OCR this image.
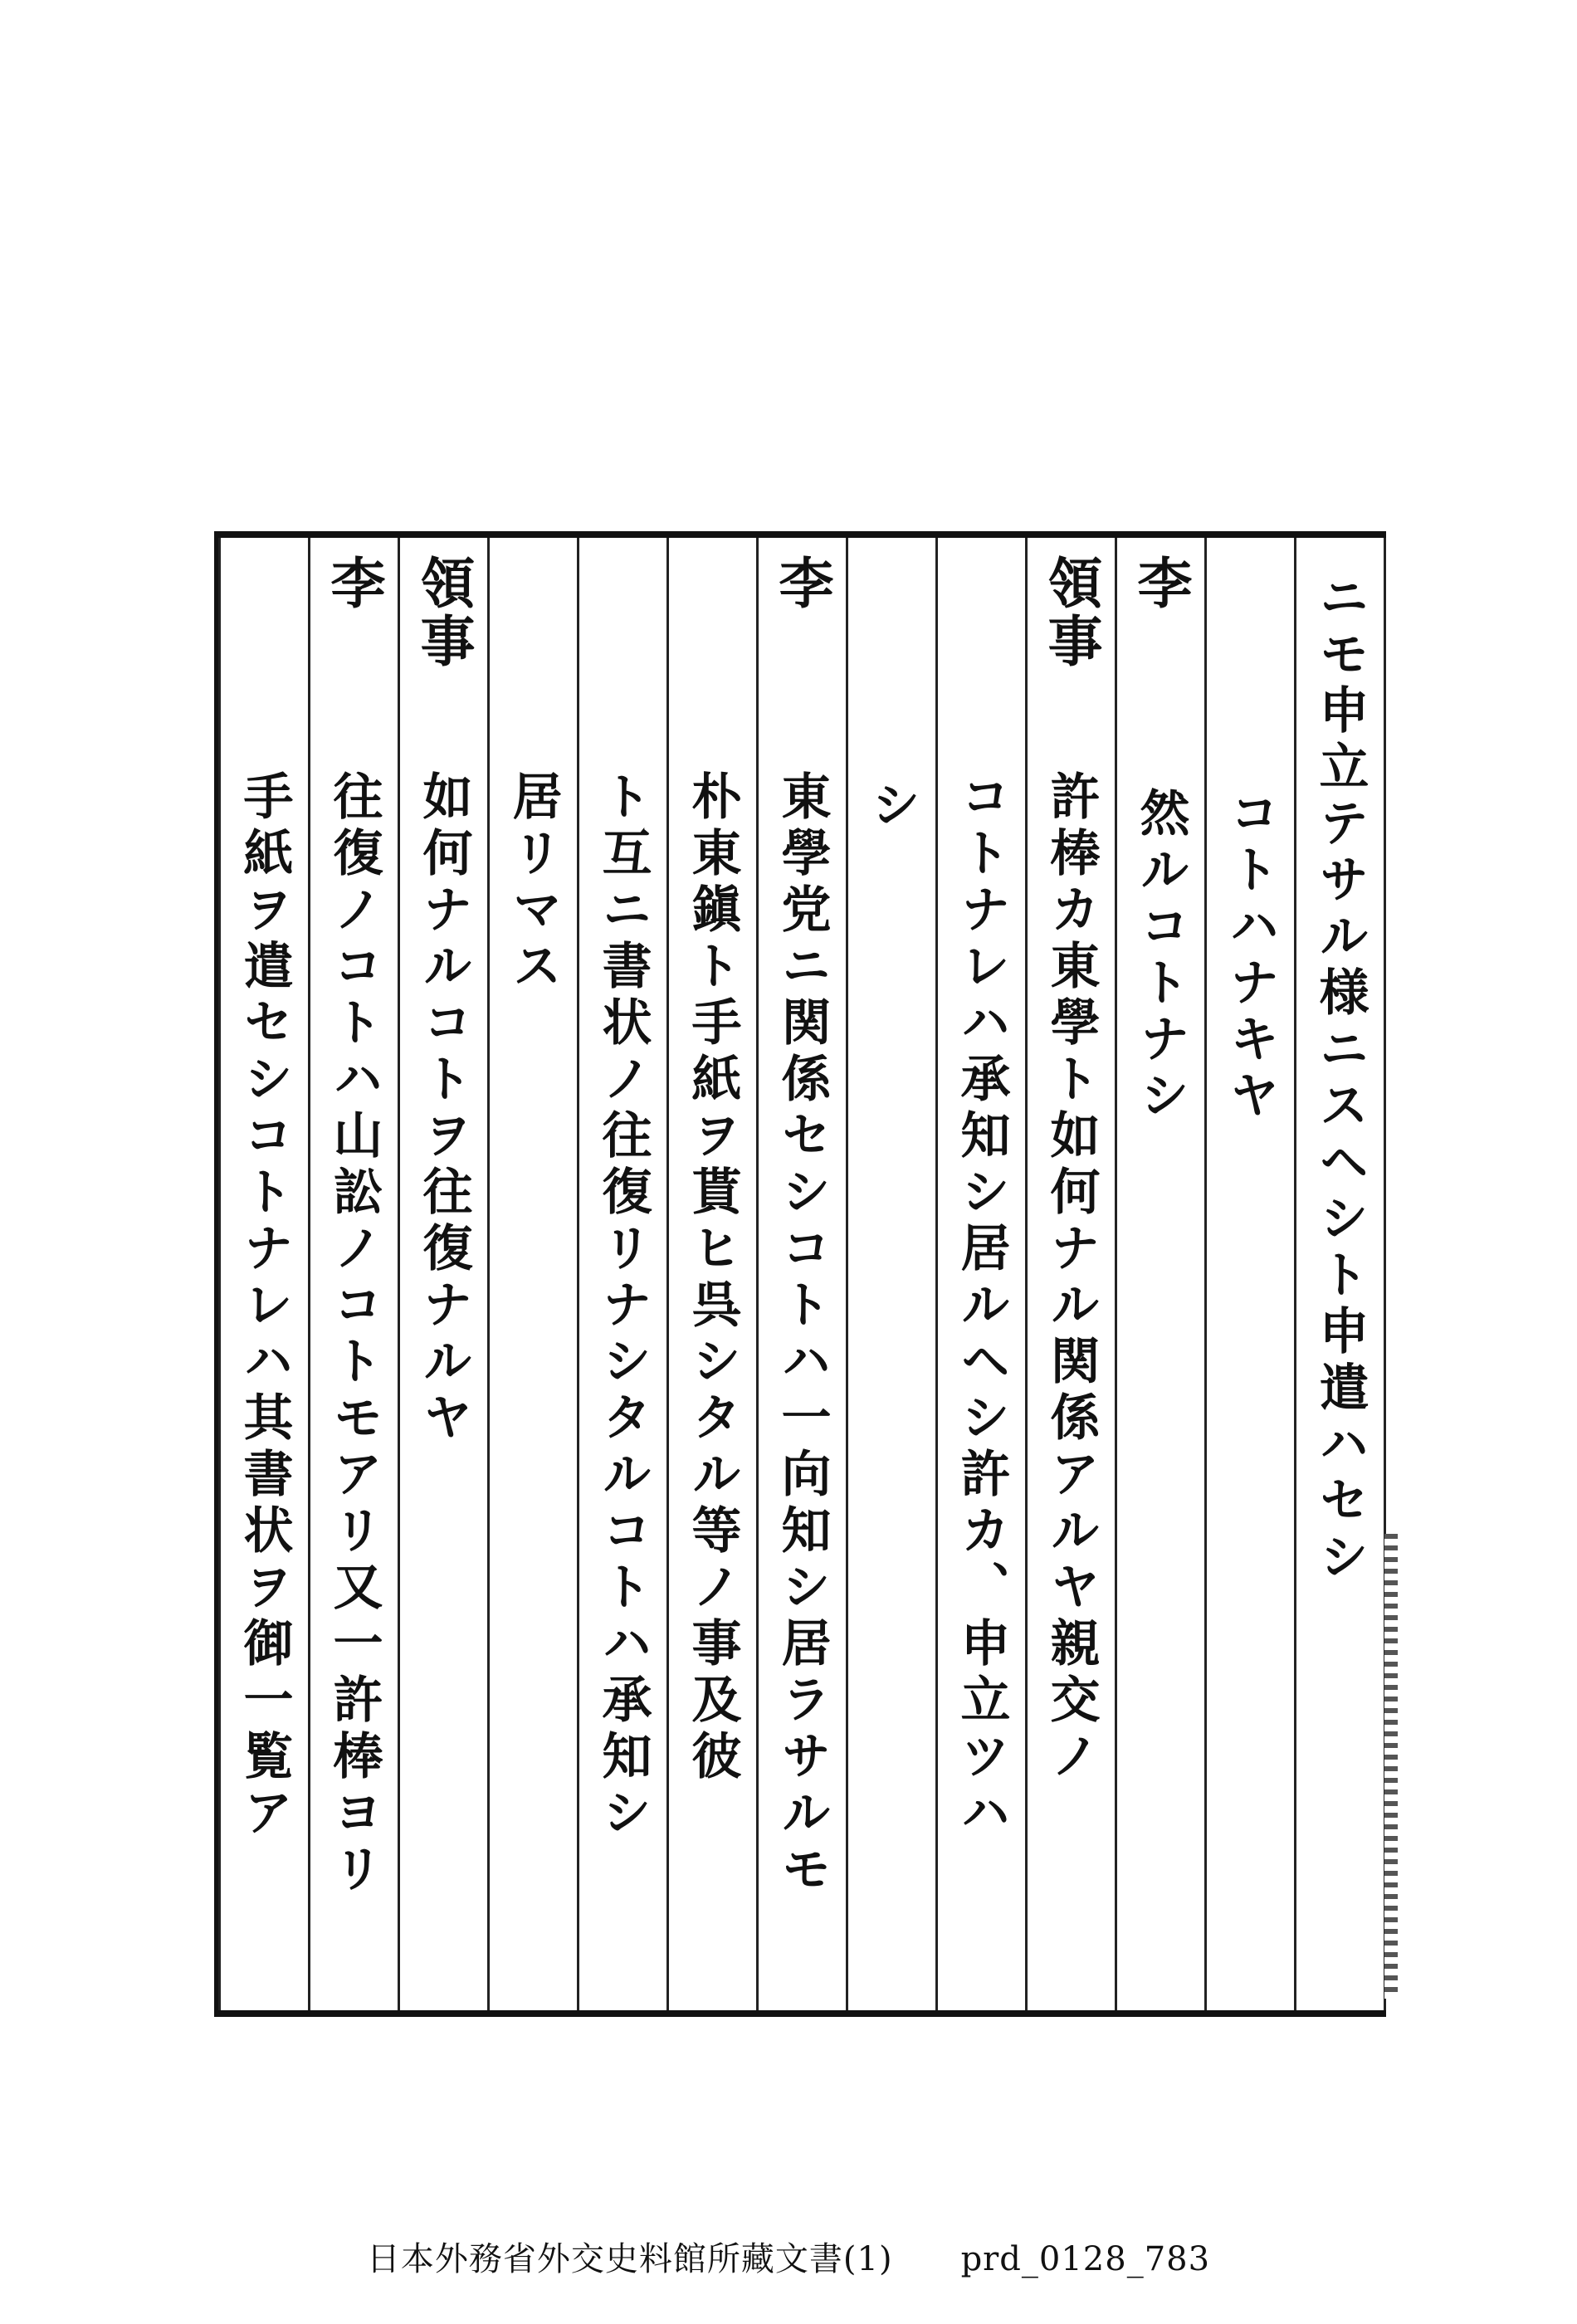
ニモ申立テサル様ニスヘシト申遣ハセシ
コトハナキヤ
李
然ルコトナシ
領事
許棒カ東學ト如何ナル関係アルヤ親交ノ
コトナレハ承知シ居ルヘシ許カ、申立ツハ
シ
李
東學党ニ関係セシコトハ一向知シ居ラサルモ
朴東鎭ト手紙ヲ貰ヒ呉シタル等ノ事及彼
ト互ニ書状ノ往復リナシタルコトハ承知シ
居リマス
領事
如何ナルコトヲ往復ナルヤ
李
往復ノコトハ山訟ノコトモアリ又一許棒ヨリ
手紙ヲ遣セシコトナレハ其書状ヲ御一覧ア
日本外務省外交史料館所藏文書(1)　　prd_0128_783
